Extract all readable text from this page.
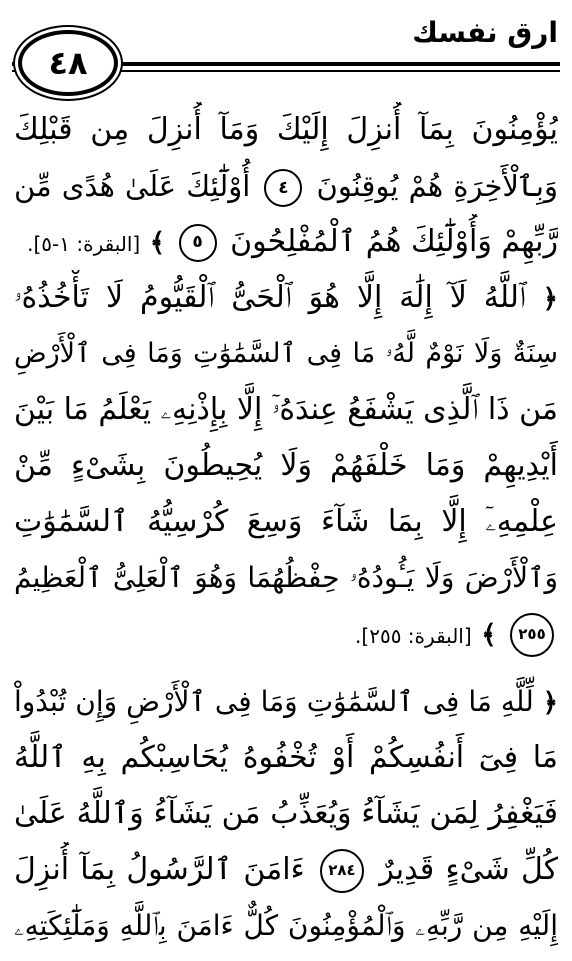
ارق نفسك
٤٨
يُؤْمِنُونَ بِمَآ أُنزِلَ إِلَيْكَ وَمَآ أُنزِلَ مِن قَبْلِكَ
وَبِٱلْأَخِرَةِ هُمْ يُوقِنُونَ ٤ أُوْلَٰٓئِكَ عَلَىٰ هُدًى مِّن
رَّبِّهِمْ وَأُوْلَٰٓئِكَ هُمُ ٱلْمُفْلِحُونَ ٥ ﴾ [البقرة: ١-٥].
﴿ ٱللَّهُ لَآ إِلَٰهَ إِلَّا هُوَ ٱلْحَىُّ ٱلْقَيُّومُ لَا تَأْخُذُهُۥ
سِنَةٌ وَلَا نَوْمٌ لَّهُۥ مَا فِى ٱلسَّمَٰوَٰتِ وَمَا فِى ٱلْأَرْضِ
مَن ذَا ٱلَّذِى يَشْفَعُ عِندَهُۥٓ إِلَّا بِإِذْنِهِۦ يَعْلَمُ مَا بَيْنَ
أَيْدِيهِمْ وَمَا خَلْفَهُمْ وَلَا يُحِيطُونَ بِشَىْءٍ مِّنْ
عِلْمِهِۦٓ إِلَّا بِمَا شَآءَ وَسِعَ كُرْسِيُّهُ ٱلسَّمَٰوَٰتِ
وَٱلْأَرْضَ وَلَا يَـُٔودُهُۥ حِفْظُهُمَا وَهُوَ ٱلْعَلِىُّ ٱلْعَظِيمُ
٢٥٥ ﴾ [البقرة: ٢٥٥].
﴿ لِّلَّهِ مَا فِى ٱلسَّمَٰوَٰتِ وَمَا فِى ٱلْأَرْضِ وَإِن تُبْدُواْ
مَا فِىٓ أَنفُسِكُمْ أَوْ تُخْفُوهُ يُحَاسِبْكُم بِهِ ٱللَّهُ
فَيَغْفِرُ لِمَن يَشَآءُ وَيُعَذِّبُ مَن يَشَآءُ وَٱللَّهُ عَلَىٰ
كُلِّ شَىْءٍ قَدِيرٌ ٢٨٤ ءَامَنَ ٱلرَّسُولُ بِمَآ أُنزِلَ
إِلَيْهِ مِن رَّبِّهِۦ وَٱلْمُؤْمِنُونَ كُلٌّ ءَامَنَ بِٱللَّهِ وَمَلَٰٓئِكَتِهِۦ
